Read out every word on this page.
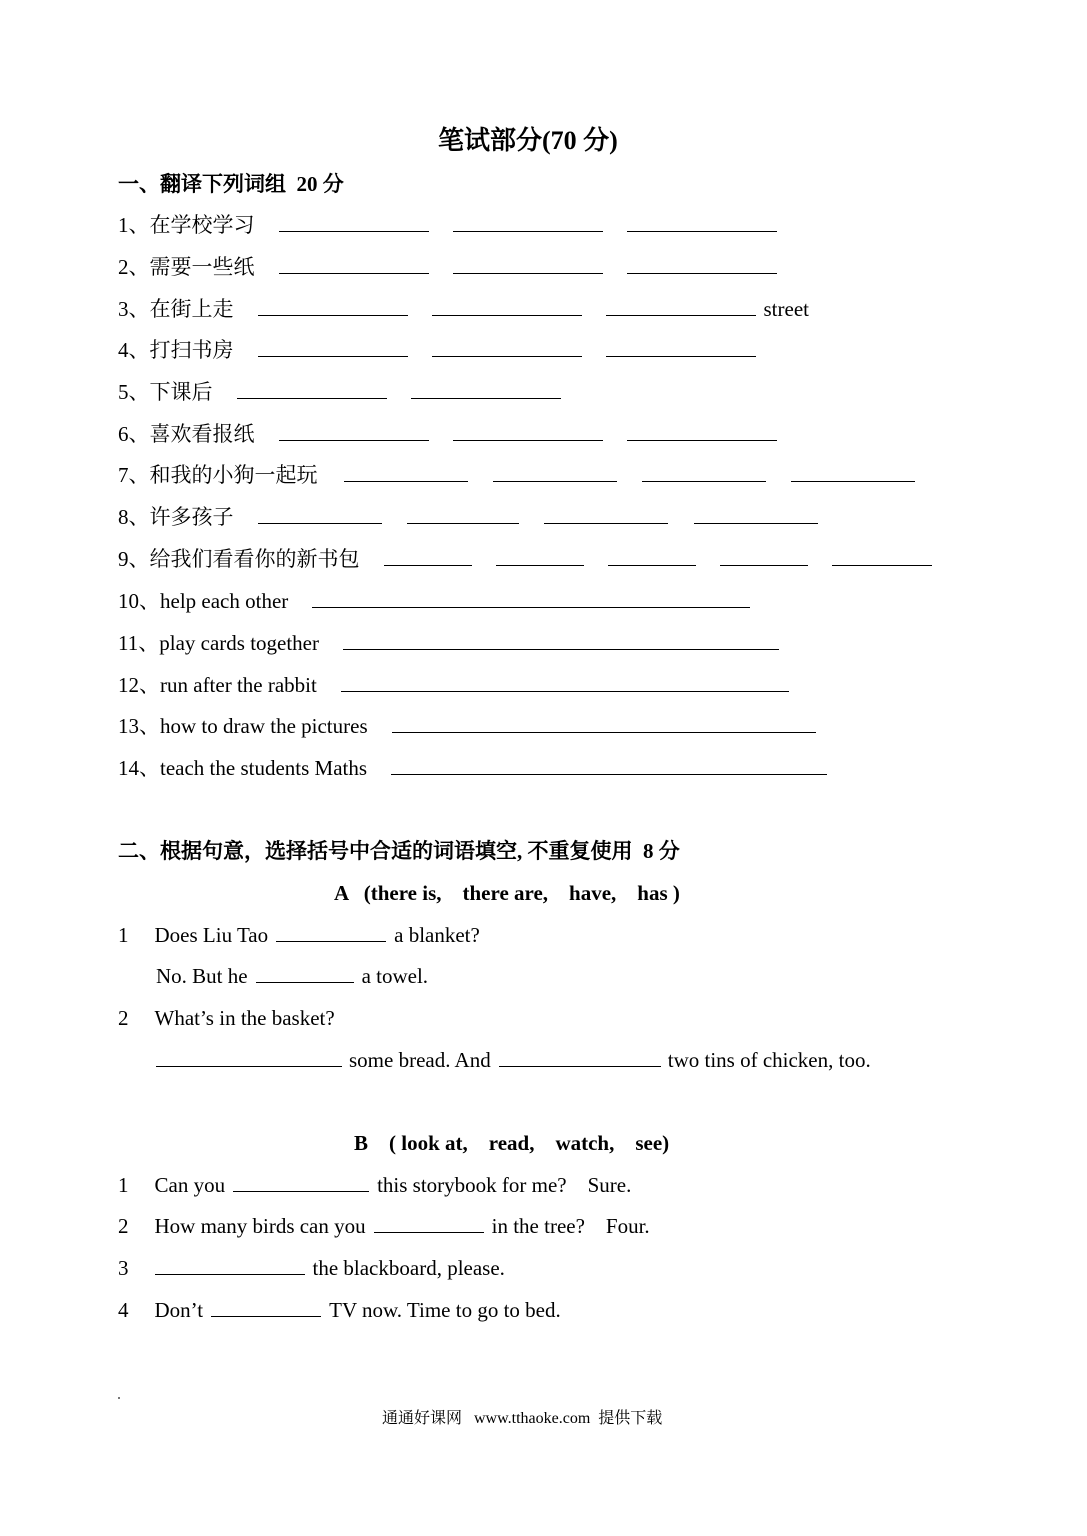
笔试部分(70 分)
一、翻译下列词组  20 分
1、在学校学习
2、需要一些纸
3、在街上走	street
4、打扫书房
5、下课后
6、喜欢看报纸
7、和我的小狗一起玩
8、许多孩子
9、给我们看看你的新书包
10、help each other
11、play cards together
12、run after the rabbit
13、how to draw the pictures
14、teach the students Maths
二、根据句意，选择括号中合适的词语填空, 不重复使用  8 分
A   (there is,    there are,    have,    has )
1 Does Liu Tao	a blanket?
No. But he	a towel.
2 What’s in the basket?
some bread. And	two tins of chicken, too.
B    ( look at,    read,    watch,    see)
1 Can you	this storybook for me?    Sure.
2 How many birds can you	in the tree?    Four.
3	the blackboard, please.
4 Don’t	TV now. Time to go to bed.
通通好课网   www.tthaoke.com  提供下载
